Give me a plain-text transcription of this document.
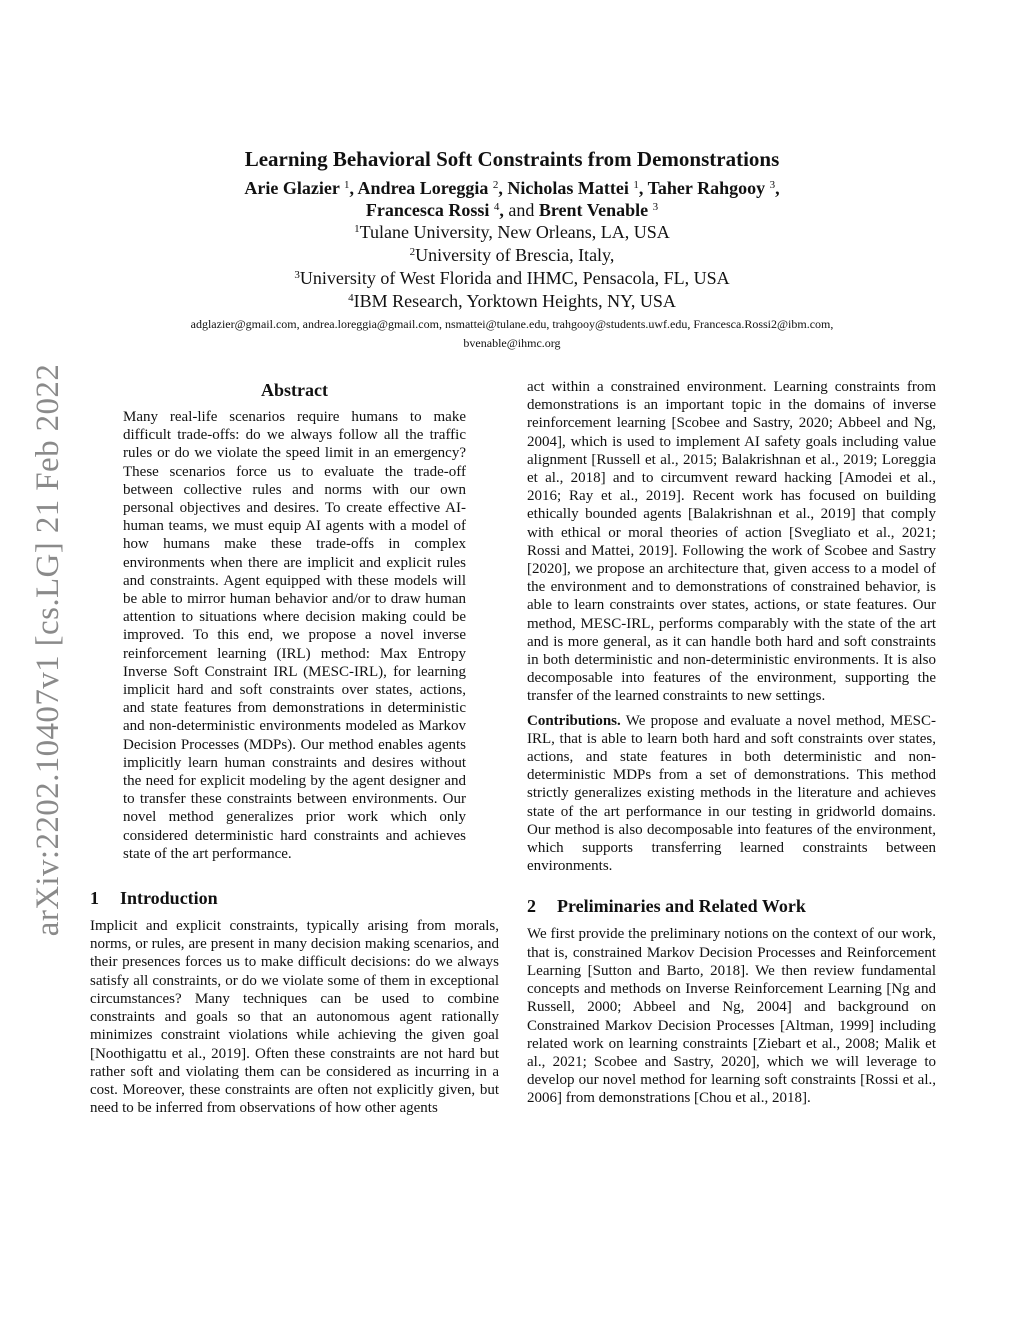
arXiv:2202.10407v1 [cs.LG] 21 Feb 2022
Learning Behavioral Soft Constraints from Demonstrations
Arie Glazier $^1$, Andrea Loreggia $^2$, Nicholas Mattei $^1$, Taher Rahgooy $^3$,
Francesca Rossi $^4$, and Brent Venable $^3$
$^1$Tulane University, New Orleans, LA, USA
$^2$University of Brescia, Italy,
$^3$University of West Florida and IHMC, Pensacola, FL, USA
$^4$IBM Research, Yorktown Heights, NY, USA
adglazier@gmail.com, andrea.loreggia@gmail.com, nsmattei@tulane.edu, trahgooy@students.uwf.edu, Francesca.Rossi2@ibm.com,
bvenable@ihmc.org
Abstract

Many real-life scenarios require humans to make difficult trade-offs: do we always follow all the traffic rules or do we violate the speed limit in an emergency? These scenarios force us to evaluate the trade-off between collective rules and norms with our own personal objectives and desires. To create effective AI-human teams, we must equip AI agents with a model of how humans make these trade-offs in complex environments when there are implicit and explicit rules and constraints. Agent equipped with these models will be able to mirror human behavior and/or to draw human attention to situations where decision making could be improved. To this end, we propose a novel inverse reinforcement learning (IRL) method: Max Entropy Inverse Soft Constraint IRL (MESC-IRL), for learning implicit hard and soft constraints over states, actions, and state features from demonstrations in deterministic and non-deterministic environments modeled as Markov Decision Processes (MDPs). Our method enables agents implicitly learn human constraints and desires without the need for explicit modeling by the agent designer and to transfer these constraints between environments. Our novel method generalizes prior work which only considered deterministic hard constraints and achieves state of the art performance.

1 Introduction

Implicit and explicit constraints, typically arising from morals, norms, or rules, are present in many decision making scenarios, and their presences forces us to make difficult decisions: do we always satisfy all constraints, or do we violate some of them in exceptional circumstances? Many techniques can be used to combine constraints and goals so that an autonomous agent rationally minimizes constraint violations while achieving the given goal [Noothigattu et al., 2019]. Often these constraints are not hard but rather soft and violating them can be considered as incurring in a cost. Moreover, these constraints are often not explicitly given, but need to be inferred from observations of how other agents

act within a constrained environment. Learning constraints from demonstrations is an important topic in the domains of inverse reinforcement learning [Scobee and Sastry, 2020; Abbeel and Ng, 2004], which is used to implement AI safety goals including value alignment [Russell et al., 2015; Balakrishnan et al., 2019; Loreggia et al., 2018] and to circumvent reward hacking [Amodei et al., 2016; Ray et al., 2019]. Recent work has focused on building ethically bounded agents [Balakrishnan et al., 2019] that comply with ethical or moral theories of action [Svegliato et al., 2021; Rossi and Mattei, 2019]. Following the work of Scobee and Sastry [2020], we propose an architecture that, given access to a model of the environment and to demonstrations of constrained behavior, is able to learn constraints over states, actions, or state features. Our method, MESC-IRL, performs comparably with the state of the art and is more general, as it can handle both hard and soft constraints in both deterministic and non-deterministic environments. It is also decomposable into features of the environment, supporting the transfer of the learned constraints to new settings.

Contributions. We propose and evaluate a novel method, MESC-IRL, that is able to learn both hard and soft constraints over states, actions, and state features in both deterministic and non-deterministic MDPs from a set of demonstrations. This method strictly generalizes existing methods in the literature and achieves state of the art performance in our testing in gridworld domains. Our method is also decomposable into features of the environment, which supports transferring learned constraints between environments.

2 Preliminaries and Related Work

We first provide the preliminary notions on the context of our work, that is, constrained Markov Decision Processes and Reinforcement Learning [Sutton and Barto, 2018]. We then review fundamental concepts and methods on Inverse Reinforcement Learning [Ng and Russell, 2000; Abbeel and Ng, 2004] and background on Constrained Markov Decision Processes [Altman, 1999] including related work on learning constraints [Ziebart et al., 2008; Malik et al., 2021; Scobee and Sastry, 2020], which we will leverage to develop our novel method for learning soft constraints [Rossi et al., 2006] from demonstrations [Chou et al., 2018].
